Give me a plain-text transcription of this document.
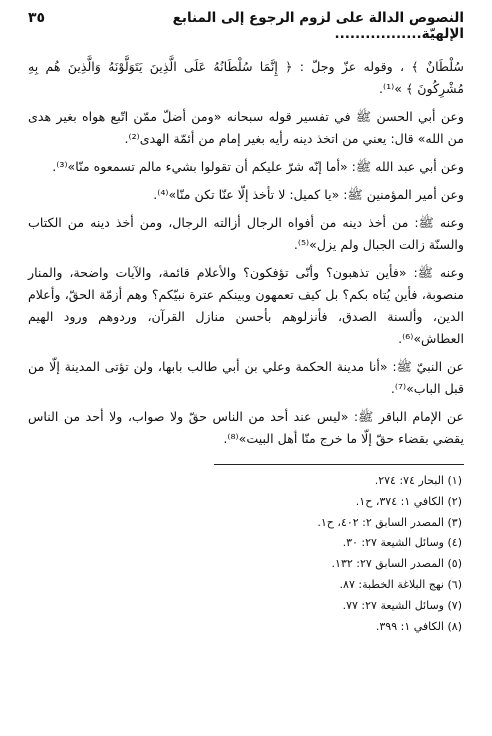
النصوص الدالة على لزوم الرجوع إلى المنابع الإلهيّة.................
٣٥

سُلْطَانٌ ﴾ ، وقوله عزّ وجلّ : ﴿ إِنَّمَا سُلْطَانُهُ عَلَى الَّذِينَ يَتَوَلَّوْنَهُ وَالَّذِينَ هُم بِهِ مُشْرِكُونَ ﴾ »⁽¹⁾.

وعن أبي الحسن ﷺ في تفسير قوله سبحانه «ومن أضلّ ممّن اتّبع هواه بغير هدى من الله» قال: يعني من اتخذ دينه رأيه بغير إمام من أئمّة الهدى⁽²⁾.

وعن أبي عبد الله ﷺ: «أما إنّه شرّ عليكم أن تقولوا بشيء مالم تسمعوه منّا»⁽³⁾.

وعن أمير المؤمنين ﷺ: «يا كميل: لا تأخذ إلّا عنّا تكن منّا»⁽⁴⁾.

وعنه ﷺ: من أخذ دينه من أفواه الرجال أزالته الرجال، ومن أخذ دينه من الكتاب والسنّة زالت الجبال ولم يزل»⁽⁵⁾.

وعنه ﷺ: «فأين تذهبون؟ وأنّى تؤفكون؟ والأعلام قائمة، والآيات واضحة، والمنار منصوبة، فأين يُتاه بكم؟ بل كيف تعمهون وبينكم عترة نبيّكم؟ وهم أزمّة الحقّ، وأعلام الدين، وألسنة الصدق، فأنزلوهم بأحسن منازل القرآن، وردوهم ورود الهيم العطاش»⁽⁶⁾.

عن النبيّ ﷺ: «أنا مدينة الحكمة وعلي بن أبي طالب بابها، ولن تؤتى المدينة إلّا من قبل الباب»⁽⁷⁾.

عن الإمام الباقر ﷺ: «ليس عند أحد من الناس حقّ ولا صواب، ولا أحد من الناس يقضي بقضاء حقّ إلّا ما خرج منّا أهل البيت»⁽⁸⁾.

(١) البحار ٧٤: ٢٧٤.
(٢) الكافي ١: ٣٧٤، ح١.
(٣) المصدر السابق ٢: ٤٠٢، ح١.
(٤) وسائل الشيعة ٢٧: ٣٠.
(٥) المصدر السابق ٢٧: ١٣٢.
(٦) نهج البلاغة الخطبة: ٨٧.
(٧) وسائل الشيعة ٢٧: ٧٧.
(٨) الكافي ١: ٣٩٩.
